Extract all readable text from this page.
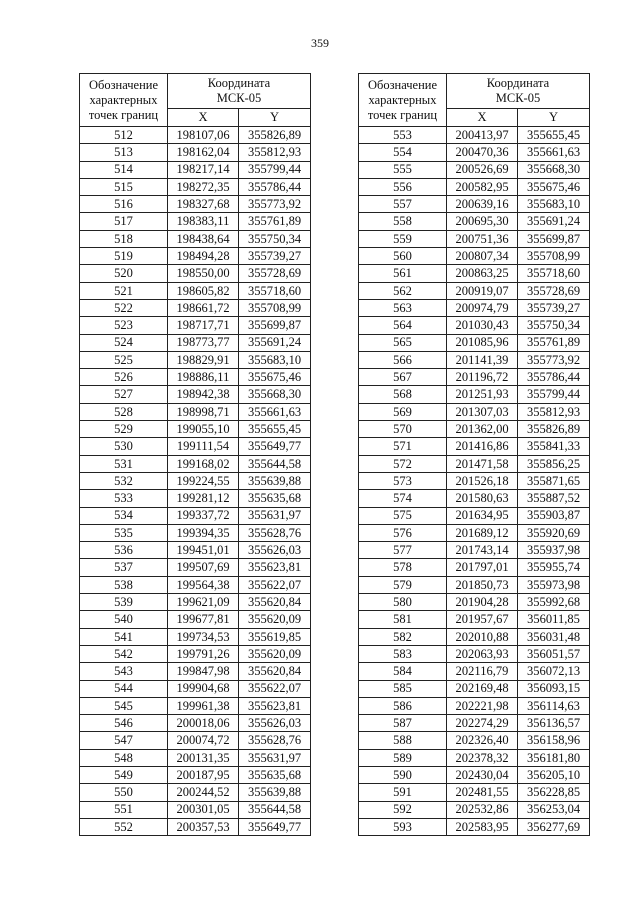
359
Обозначение
характерных
точек границ	Координата
МСК-05	
	X	Y
512	198107,06	355826,89
513	198162,04	355812,93
514	198217,14	355799,44
515	198272,35	355786,44
516	198327,68	355773,92
517	198383,11	355761,89
518	198438,64	355750,34
519	198494,28	355739,27
520	198550,00	355728,69
521	198605,82	355718,60
522	198661,72	355708,99
523	198717,71	355699,87
524	198773,77	355691,24
525	198829,91	355683,10
526	198886,11	355675,46
527	198942,38	355668,30
528	198998,71	355661,63
529	199055,10	355655,45
530	199111,54	355649,77
531	199168,02	355644,58
532	199224,55	355639,88
533	199281,12	355635,68
534	199337,72	355631,97
535	199394,35	355628,76
536	199451,01	355626,03
537	199507,69	355623,81
538	199564,38	355622,07
539	199621,09	355620,84
540	199677,81	355620,09
541	199734,53	355619,85
542	199791,26	355620,09
543	199847,98	355620,84
544	199904,68	355622,07
545	199961,38	355623,81
546	200018,06	355626,03
547	200074,72	355628,76
548	200131,35	355631,97
549	200187,95	355635,68
550	200244,52	355639,88
551	200301,05	355644,58
552	200357,53	355649,77
Обозначение
характерных
точек границ	Координата
МСК-05	
	X	Y
553	200413,97	355655,45
554	200470,36	355661,63
555	200526,69	355668,30
556	200582,95	355675,46
557	200639,16	355683,10
558	200695,30	355691,24
559	200751,36	355699,87
560	200807,34	355708,99
561	200863,25	355718,60
562	200919,07	355728,69
563	200974,79	355739,27
564	201030,43	355750,34
565	201085,96	355761,89
566	201141,39	355773,92
567	201196,72	355786,44
568	201251,93	355799,44
569	201307,03	355812,93
570	201362,00	355826,89
571	201416,86	355841,33
572	201471,58	355856,25
573	201526,18	355871,65
574	201580,63	355887,52
575	201634,95	355903,87
576	201689,12	355920,69
577	201743,14	355937,98
578	201797,01	355955,74
579	201850,73	355973,98
580	201904,28	355992,68
581	201957,67	356011,85
582	202010,88	356031,48
583	202063,93	356051,57
584	202116,79	356072,13
585	202169,48	356093,15
586	202221,98	356114,63
587	202274,29	356136,57
588	202326,40	356158,96
589	202378,32	356181,80
590	202430,04	356205,10
591	202481,55	356228,85
592	202532,86	356253,04
593	202583,95	356277,69
